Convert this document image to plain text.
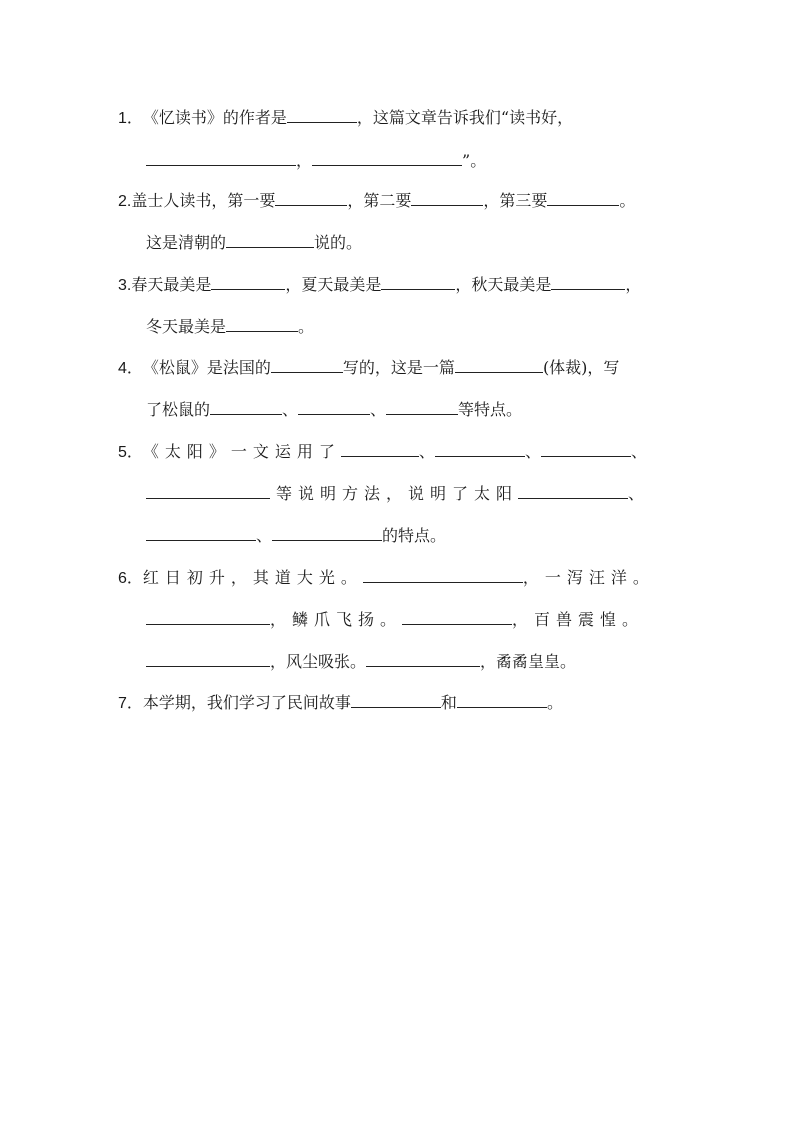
1．《忆读书》的作者是	，这篇文章告诉我们“读书好，
，	”。
2.盖士人读书，第一要	，第二要	，第三要	。
这是清朝的	说的。
3.春天最美是	，夏天最美是	，秋天最美是	，
冬天最美是	。
4．《松鼠》是法国的	写的，这是一篇	(体裁)，写
了松鼠的	、	、	等特点。
5．《太阳》一文运用了	、	、	、
等说明方法，说明了太阳	、
、	的特点。
6．红日初升，其道大光。	，一泻汪洋。
，鳞爪飞扬。	，百兽震惶。
，风尘吸张。	，矞矞皇皇。
7．本学期，我们学习了民间故事	和	。
